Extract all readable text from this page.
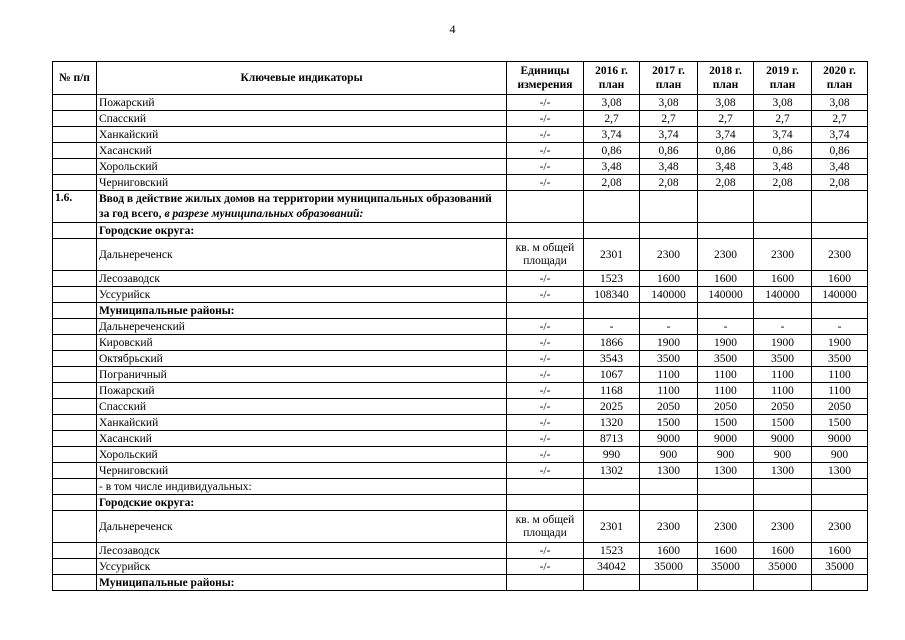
4
№ п/п	Ключевые индикаторы	Единицы измерения	2016 г. план	2017 г. план	2018 г. план	2019 г. план	2020 г. план
	Пожарский	-/-	3,08	3,08	3,08	3,08	3,08
	Спасский	-/-	2,7	2,7	2,7	2,7	2,7
	Ханкайский	-/-	3,74	3,74	3,74	3,74	3,74
	Хасанский	-/-	0,86	0,86	0,86	0,86	0,86
	Хорольский	-/-	3,48	3,48	3,48	3,48	3,48
	Черниговский	-/-	2,08	2,08	2,08	2,08	2,08
1.6.	Ввод в действие жилых домов на территории муниципальных образований за год всего, в разрезе муниципальных образований:						
	Городские округа:						
	Дальнереченск	кв. м общей площади	2301	2300	2300	2300	2300
	Лесозаводск	-/-	1523	1600	1600	1600	1600
	Уссурийск	-/-	108340	140000	140000	140000	140000
	Муниципальные районы:						
	Дальнереченский	-/-	-	-	-	-	-
	Кировский	-/-	1866	1900	1900	1900	1900
	Октябрьский	-/-	3543	3500	3500	3500	3500
	Пограничный	-/-	1067	1100	1100	1100	1100
	Пожарский	-/-	1168	1100	1100	1100	1100
	Спасский	-/-	2025	2050	2050	2050	2050
	Ханкайский	-/-	1320	1500	1500	1500	1500
	Хасанский	-/-	8713	9000	9000	9000	9000
	Хорольский	-/-	990	900	900	900	900
	Черниговский	-/-	1302	1300	1300	1300	1300
	- в том числе индивидуальных:						
	Городские округа:						
	Дальнереченск	кв. м общей площади	2301	2300	2300	2300	2300
	Лесозаводск	-/-	1523	1600	1600	1600	1600
	Уссурийск	-/-	34042	35000	35000	35000	35000
	Муниципальные районы:						
